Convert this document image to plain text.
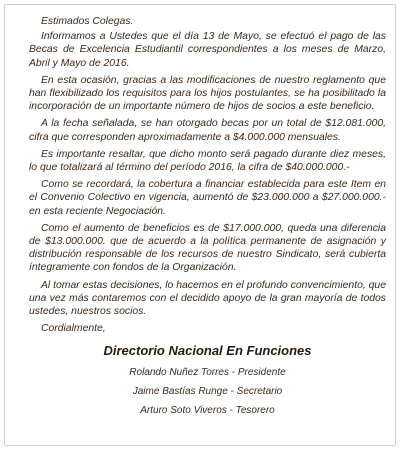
Estimados Colegas.

Informamos a Ustedes que el día 13 de Mayo, se efectuó el pago de las Becas de Excelencia Estudiantil correspondientes a los meses de Marzo, Abril y Mayo de 2016.

En esta ocasión, gracias a las modificaciones de nuestro reglamento que han flexibilizado los requisitos para los hijos postulantes, se ha posibilitado la incorporación de un importante número de hijos de socios a este beneficio.

A la fecha señalada, se han otorgado becas por un total de $12.081.000, cifra que corresponden aproximadamente a $4.000.000 mensuales.

Es importante resaltar, que dicho monto será pagado durante diez meses, lo que totalizará al término del período 2016, la cifra de $40.000.000.-

Como se recordará, la cobertura a financiar establecida para este Item en el Convenio Colectivo en vigencia, aumentó de $23.000.000 a $27.000.000.- en esta reciente Negociación.

Como el aumento de beneficios es de $17.000.000, queda una diferencia de $13.000.000. que de acuerdo a la política permanente de asignación y distribución responsable de los recursos de nuestro Sindicato, será cubierta íntegramente con fondos de la Organización.

Al tomar estas decisiones, lo hacemos en el profundo convencimiento, que una vez más contaremos con el decidido apoyo de la gran mayoría de todos ustedes, nuestros socios.

Cordialmente,

Directorio Nacional En Funciones

Rolando Nuñez Torres - Presidente

Jaime Bastías Runge - Secretario

Arturo Soto Viveros - Tesorero
